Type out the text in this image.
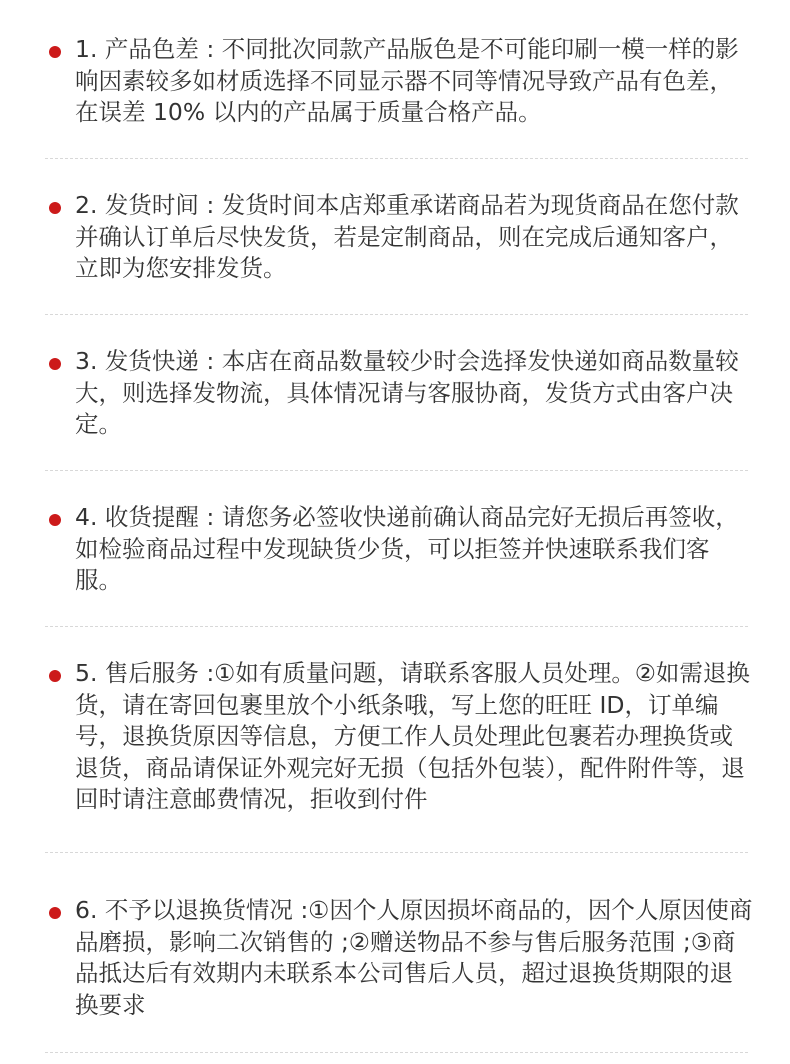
1. 产品色差 : 不同批次同款产品版色是不可能印刷一模一样的影响因素较多如材质选择不同显示器不同等情况导致产品有色差，在误差 10% 以内的产品属于质量合格产品。
2. 发货时间 : 发货时间本店郑重承诺商品若为现货商品在您付款并确认订单后尽快发货，若是定制商品，则在完成后通知客户，立即为您安排发货。
3. 发货快递 : 本店在商品数量较少时会选择发快递如商品数量较大，则选择发物流，具体情况请与客服协商，发货方式由客户决定。
4. 收货提醒 : 请您务必签收快递前确认商品完好无损后再签收，如检验商品过程中发现缺货少货，可以拒签并快速联系我们客服。
5. 售后服务 :①如有质量问题，请联系客服人员处理。②如需退换货，请在寄回包裹里放个小纸条哦，写上您的旺旺 ID，订单编号，退换货原因等信息，方便工作人员处理此包裹若办理换货或退货，商品请保证外观完好无损（包括外包装），配件附件等，退回时请注意邮费情况，拒收到付件
6. 不予以退换货情况 :①因个人原因损坏商品的，因个人原因使商品磨损，影响二次销售的 ;②赠送物品不参与售后服务范围 ;③商品抵达后有效期内未联系本公司售后人员，超过退换货期限的退换要求
